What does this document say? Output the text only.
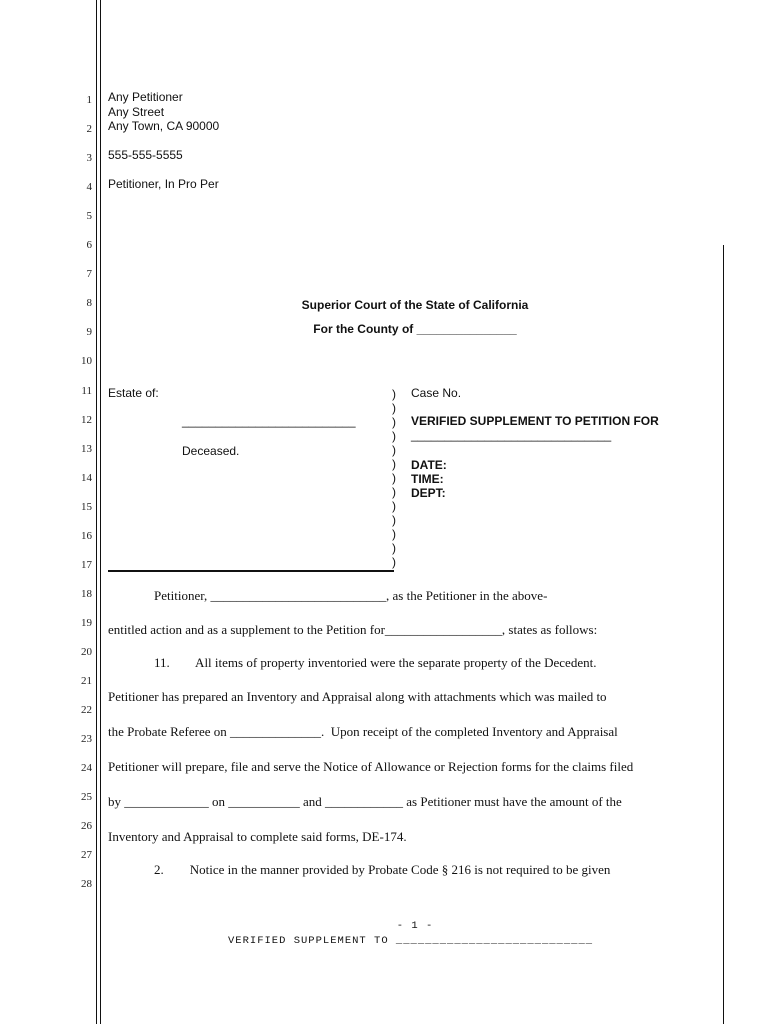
1
2
3
4
5
6
7
8
9
10
11
12
13
14
15
16
17
18
19
20
21
22
23
24
25
26
27
28
Any Petitioner
Any Street
Any Town, CA 90000
555-555-5555
Petitioner, In Pro Per
Superior Court of the State of California
For the County of _______________
Estate of:
__________________________
Deceased.
)
)
)
)
)
)
)
)
)
)
)
)
)
Case No.
VERIFIED SUPPLEMENT TO PETITION FOR
______________________________
DATE:
TIME:
DEPT:
Petitioner, ___________________________, as the Petitioner in the above-
entitled action and as a supplement to the Petition for__________________, states as follows:
11.        All items of property inventoried were the separate property of the Decedent.
Petitioner has prepared an Inventory and Appraisal along with attachments which was mailed to
the Probate Referee on ______________.  Upon receipt of the completed Inventory and Appraisal
Petitioner will prepare, file and serve the Notice of Allowance or Rejection forms for the claims filed
by _____________ on ___________ and ____________ as Petitioner must have the amount of the
Inventory and Appraisal to complete said forms, DE-174.
2.        Notice in the manner provided by Probate Code § 216 is not required to be given
- 1 -
VERIFIED SUPPLEMENT TO ___________________________
